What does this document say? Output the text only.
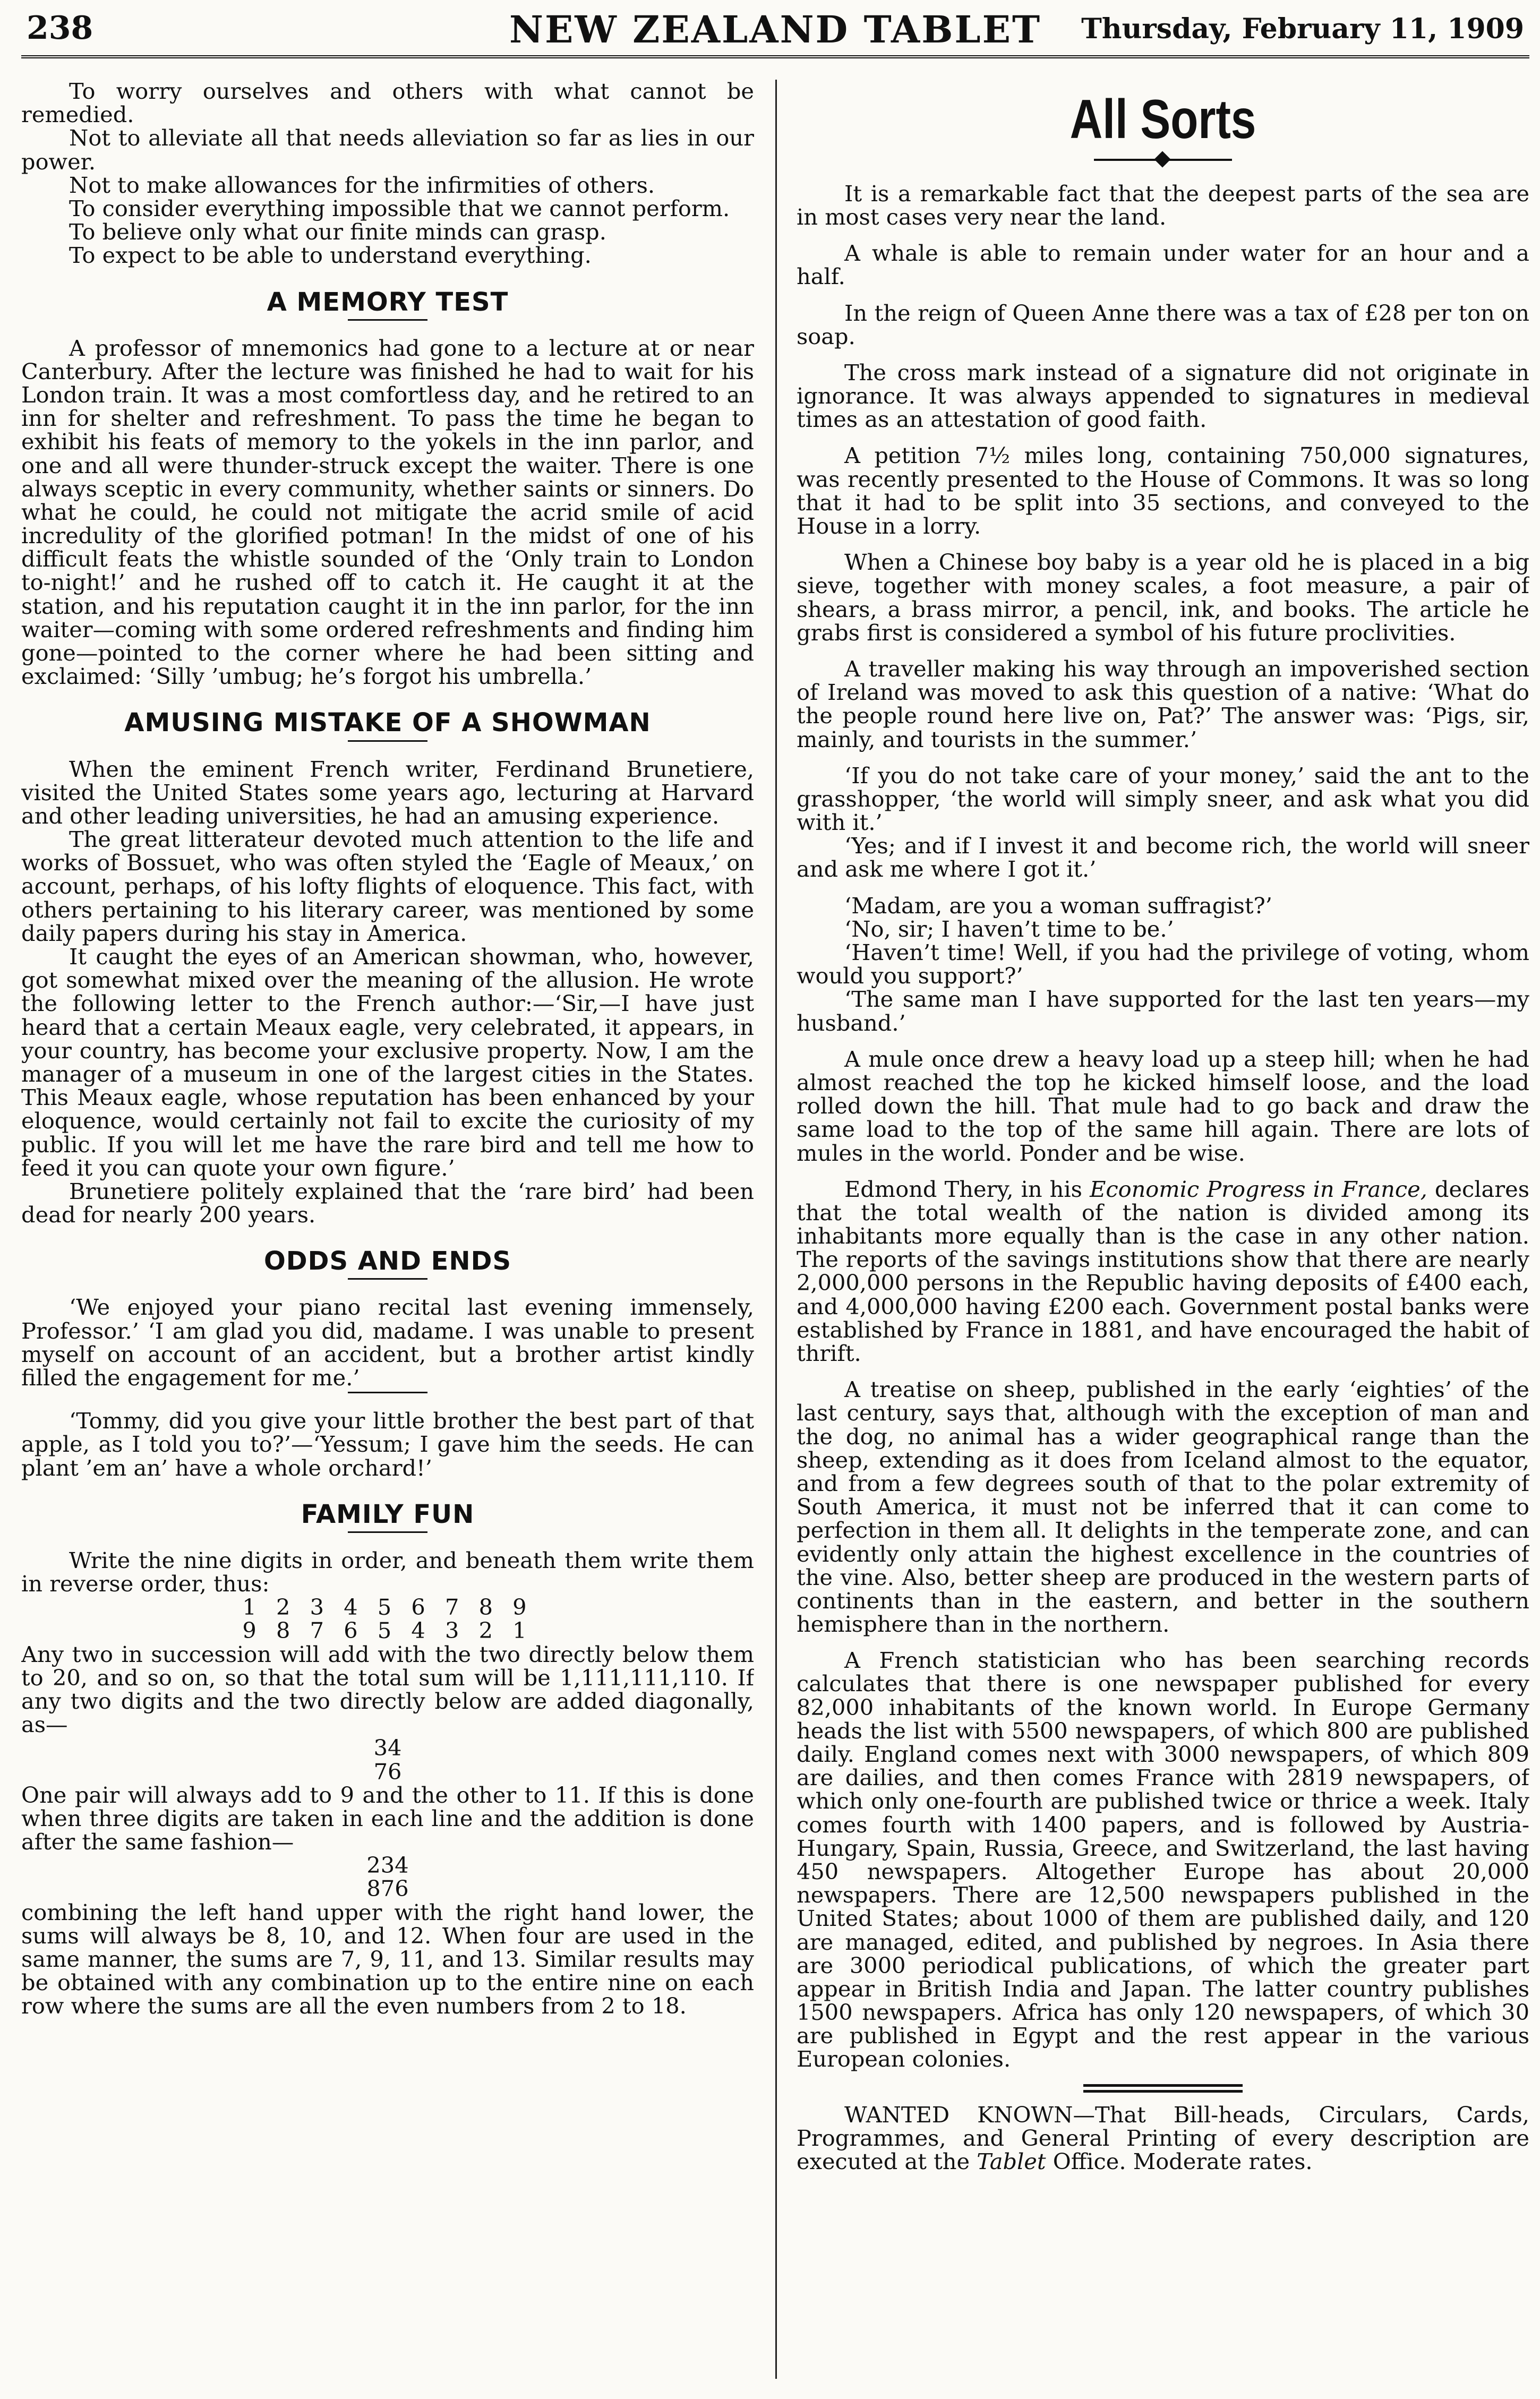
238	NEW ZEALAND TABLET	Thursday, February 11, 1909

To worry ourselves and others with what cannot be remedied.

Not to alleviate all that needs alleviation so far as lies in our power.

Not to make allowances for the infirmities of others.

To consider everything impossible that we cannot perform.

To believe only what our finite minds can grasp.

To expect to be able to understand everything.

A MEMORY TEST

A professor of mnemonics had gone to a lecture at or near Canterbury. After the lecture was finished he had to wait for his London train. It was a most comfortless day, and he retired to an inn for shelter and refreshment. To pass the time he began to exhibit his feats of memory to the yokels in the inn parlor, and one and all were thunder-struck except the waiter. There is one always sceptic in every community, whether saints or sinners. Do what he could, he could not mitigate the acrid smile of acid incredulity of the glorified potman! In the midst of one of his difficult feats the whistle sounded of the ‘Only train to London to-night!’ and he rushed off to catch it. He caught it at the station, and his reputation caught it in the inn parlor, for the inn waiter—coming with some ordered refreshments and finding him gone—pointed to the corner where he had been sitting and exclaimed: ‘Silly ’umbug; he’s forgot his umbrella.’

AMUSING MISTAKE OF A SHOWMAN

When the eminent French writer, Ferdinand Brunetiere, visited the United States some years ago, lecturing at Harvard and other leading universities, he had an amusing experience.

The great litterateur devoted much attention to the life and works of Bossuet, who was often styled the ‘Eagle of Meaux,’ on account, perhaps, of his lofty flights of eloquence. This fact, with others pertaining to his literary career, was mentioned by some daily papers during his stay in America.

It caught the eyes of an American showman, who, however, got somewhat mixed over the meaning of the allusion. He wrote the following letter to the French author:—‘Sir,—I have just heard that a certain Meaux eagle, very celebrated, it appears, in your country, has become your exclusive property. Now, I am the manager of a museum in one of the largest cities in the States. This Meaux eagle, whose reputation has been enhanced by your eloquence, would certainly not fail to excite the curiosity of my public. If you will let me have the rare bird and tell me how to feed it you can quote your own figure.’

Brunetiere politely explained that the ‘rare bird’ had been dead for nearly 200 years.

ODDS AND ENDS

‘We enjoyed your piano recital last evening immensely, Professor.’ ‘I am glad you did, madame. I was unable to present myself on account of an accident, but a brother artist kindly filled the engagement for me.’

‘Tommy, did you give your little brother the best part of that apple, as I told you to?’—‘Yessum; I gave him the seeds. He can plant ’em an’ have a whole orchard!’

FAMILY FUN

Write the nine digits in order, and beneath them write them in reverse order, thus:

1 2 3 4 5 6 7 8 9

9 8 7 6 5 4 3 2 1

Any two in succession will add with the two directly below them to 20, and so on, so that the total sum will be 1,111,111,110. If any two digits and the two directly below are added diagonally, as—

34

76

One pair will always add to 9 and the other to 11. If this is done when three digits are taken in each line and the addition is done after the same fashion—

234

876

combining the left hand upper with the right hand lower, the sums will always be 8, 10, and 12. When four are used in the same manner, the sums are 7, 9, 11, and 13. Similar results may be obtained with any combination up to the entire nine on each row where the sums are all the even numbers from 2 to 18.

All Sorts

It is a remarkable fact that the deepest parts of the sea are in most cases very near the land.

A whale is able to remain under water for an hour and a half.

In the reign of Queen Anne there was a tax of £28 per ton on soap.

The cross mark instead of a signature did not originate in ignorance. It was always appended to signatures in medieval times as an attestation of good faith.

A petition 7½ miles long, containing 750,000 signatures, was recently presented to the House of Commons. It was so long that it had to be split into 35 sections, and conveyed to the House in a lorry.

When a Chinese boy baby is a year old he is placed in a big sieve, together with money scales, a foot measure, a pair of shears, a brass mirror, a pencil, ink, and books. The article he grabs first is considered a symbol of his future proclivities.

A traveller making his way through an impoverished section of Ireland was moved to ask this question of a native: ‘What do the people round here live on, Pat?’ The answer was: ‘Pigs, sir, mainly, and tourists in the summer.’

‘If you do not take care of your money,’ said the ant to the grasshopper, ‘the world will simply sneer, and ask what you did with it.’

‘Yes; and if I invest it and become rich, the world will sneer and ask me where I got it.’

‘Madam, are you a woman suffragist?’

‘No, sir; I haven’t time to be.’

‘Haven’t time! Well, if you had the privilege of voting, whom would you support?’

‘The same man I have supported for the last ten years—my husband.’

A mule once drew a heavy load up a steep hill; when he had almost reached the top he kicked himself loose, and the load rolled down the hill. That mule had to go back and draw the same load to the top of the same hill again. There are lots of mules in the world. Ponder and be wise.

Edmond Thery, in his Economic Progress in France, declares that the total wealth of the nation is divided among its inhabitants more equally than is the case in any other nation. The reports of the savings institutions show that there are nearly 2,000,000 persons in the Republic having deposits of £400 each, and 4,000,000 having £200 each. Government postal banks were established by France in 1881, and have encouraged the habit of thrift.

A treatise on sheep, published in the early ‘eighties’ of the last century, says that, although with the exception of man and the dog, no animal has a wider geographical range than the sheep, extending as it does from Iceland almost to the equator, and from a few degrees south of that to the polar extremity of South America, it must not be inferred that it can come to perfection in them all. It delights in the temperate zone, and can evidently only attain the highest excellence in the countries of the vine. Also, better sheep are produced in the western parts of continents than in the eastern, and better in the southern hemisphere than in the northern.

A French statistician who has been searching records calculates that there is one newspaper published for every 82,000 inhabitants of the known world. In Europe Germany heads the list with 5500 newspapers, of which 800 are published daily. England comes next with 3000 newspapers, of which 809 are dailies, and then comes France with 2819 newspapers, of which only one-fourth are published twice or thrice a week. Italy comes fourth with 1400 papers, and is followed by Austria-Hungary, Spain, Russia, Greece, and Switzerland, the last having 450 newspapers. Altogether Europe has about 20,000 newspapers. There are 12,500 newspapers published in the United States; about 1000 of them are published daily, and 120 are managed, edited, and published by negroes. In Asia there are 3000 periodical publications, of which the greater part appear in British India and Japan. The latter country publishes 1500 newspapers. Africa has only 120 newspapers, of which 30 are published in Egypt and the rest appear in the various European colonies.

WANTED KNOWN—That Bill-heads, Circulars, Cards, Programmes, and General Printing of every description are executed at the Tablet Office. Moderate rates.
